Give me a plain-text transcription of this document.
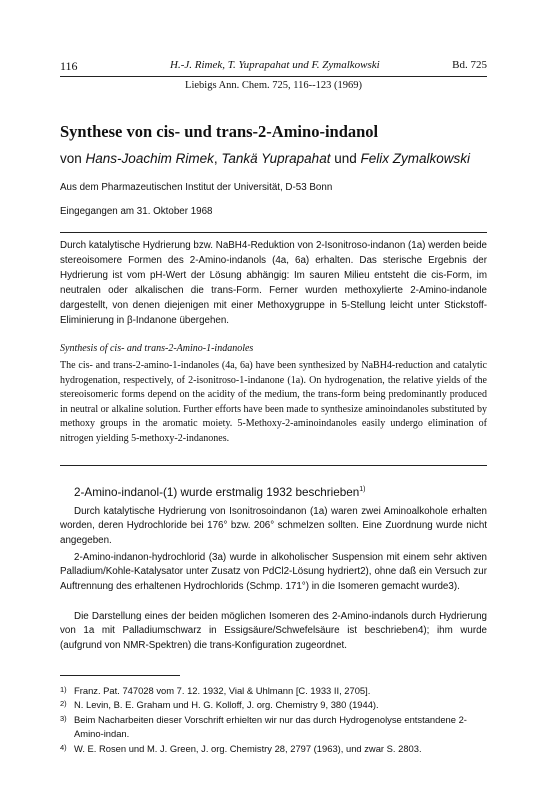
116	H.-J. Rimek, T. Yuprapahat und F. Zymalkowski	Bd. 725
Liebigs Ann. Chem. 725, 116--123 (1969)
Synthese von cis- und trans-2-Amino-indanol
von Hans-Joachim Rimek, Tankä Yuprapahat und Felix Zymalkowski
Aus dem Pharmazeutischen Institut der Universität, D-53 Bonn
Eingegangen am 31. Oktober 1968
Durch katalytische Hydrierung bzw. NaBH4-Reduktion von 2-Isonitroso-indanon (1a) werden beide stereoisomere Formen des 2-Amino-indanols (4a, 6a) erhalten. Das sterische Ergebnis der Hydrierung ist vom pH-Wert der Lösung abhängig: Im sauren Milieu entsteht die cis-Form, im neutralen oder alkalischen die trans-Form. Ferner wurden methoxylierte 2-Amino-indanole dargestellt, von denen diejenigen mit einer Methoxygruppe in 5-Stellung leicht unter Stickstoff-Eliminierung in β-Indanone übergehen.
Synthesis of cis- and trans-2-Amino-1-indanoles
The cis- and trans-2-amino-1-indanoles (4a, 6a) have been synthesized by NaBH4-reduction and catalytic hydrogenation, respectively, of 2-isonitroso-1-indanone (1a). On hydrogenation, the relative yields of the stereoisomeric forms depend on the acidity of the medium, the trans-form being predominantly produced in neutral or alkaline solution. Further efforts have been made to synthesize aminoindanoles substituted by methoxy groups in the aromatic moiety. 5-Methoxy-2-aminoindanoles easily undergo elimination of nitrogen yielding 5-methoxy-2-indanones.
2-Amino-indanol-(1) wurde erstmalig 1932 beschrieben$^{1)}$

Durch katalytische Hydrierung von Isonitrosoindanon (1a) waren zwei Aminoalkohole erhalten worden, deren Hydrochloride bei 176° bzw. 206° schmelzen sollten. Eine Zuordnung wurde nicht angegeben.

2-Amino-indanon-hydrochlorid (3a) wurde in alkoholischer Suspension mit einem sehr aktiven Palladium/Kohle-Katalysator unter Zusatz von PdCl2-Lösung hydriert2), ohne daß ein Versuch zur Auftrennung des erhaltenen Hydrochlorids (Schmp. 171°) in die Isomeren gemacht wurde3).

Die Darstellung eines der beiden möglichen Isomeren des 2-Amino-indanols durch Hydrierung von 1a mit Palladiumschwarz in Essigsäure/Schwefelsäure ist beschrieben4); ihm wurde (aufgrund von NMR-Spektren) die trans-Konfiguration zugeordnet.

1) Franz. Pat. 747028 vom 7. 12. 1932, Vial & Uhlmann [C. 1933 II, 2705].
2) N. Levin, B. E. Graham und H. G. Kolloff, J. org. Chemistry 9, 380 (1944).
3) Beim Nacharbeiten dieser Vorschrift erhielten wir nur das durch Hydrogenolyse entstandene 2-Amino-indan.
4) W. E. Rosen und M. J. Green, J. org. Chemistry 28, 2797 (1963), und zwar S. 2803.
